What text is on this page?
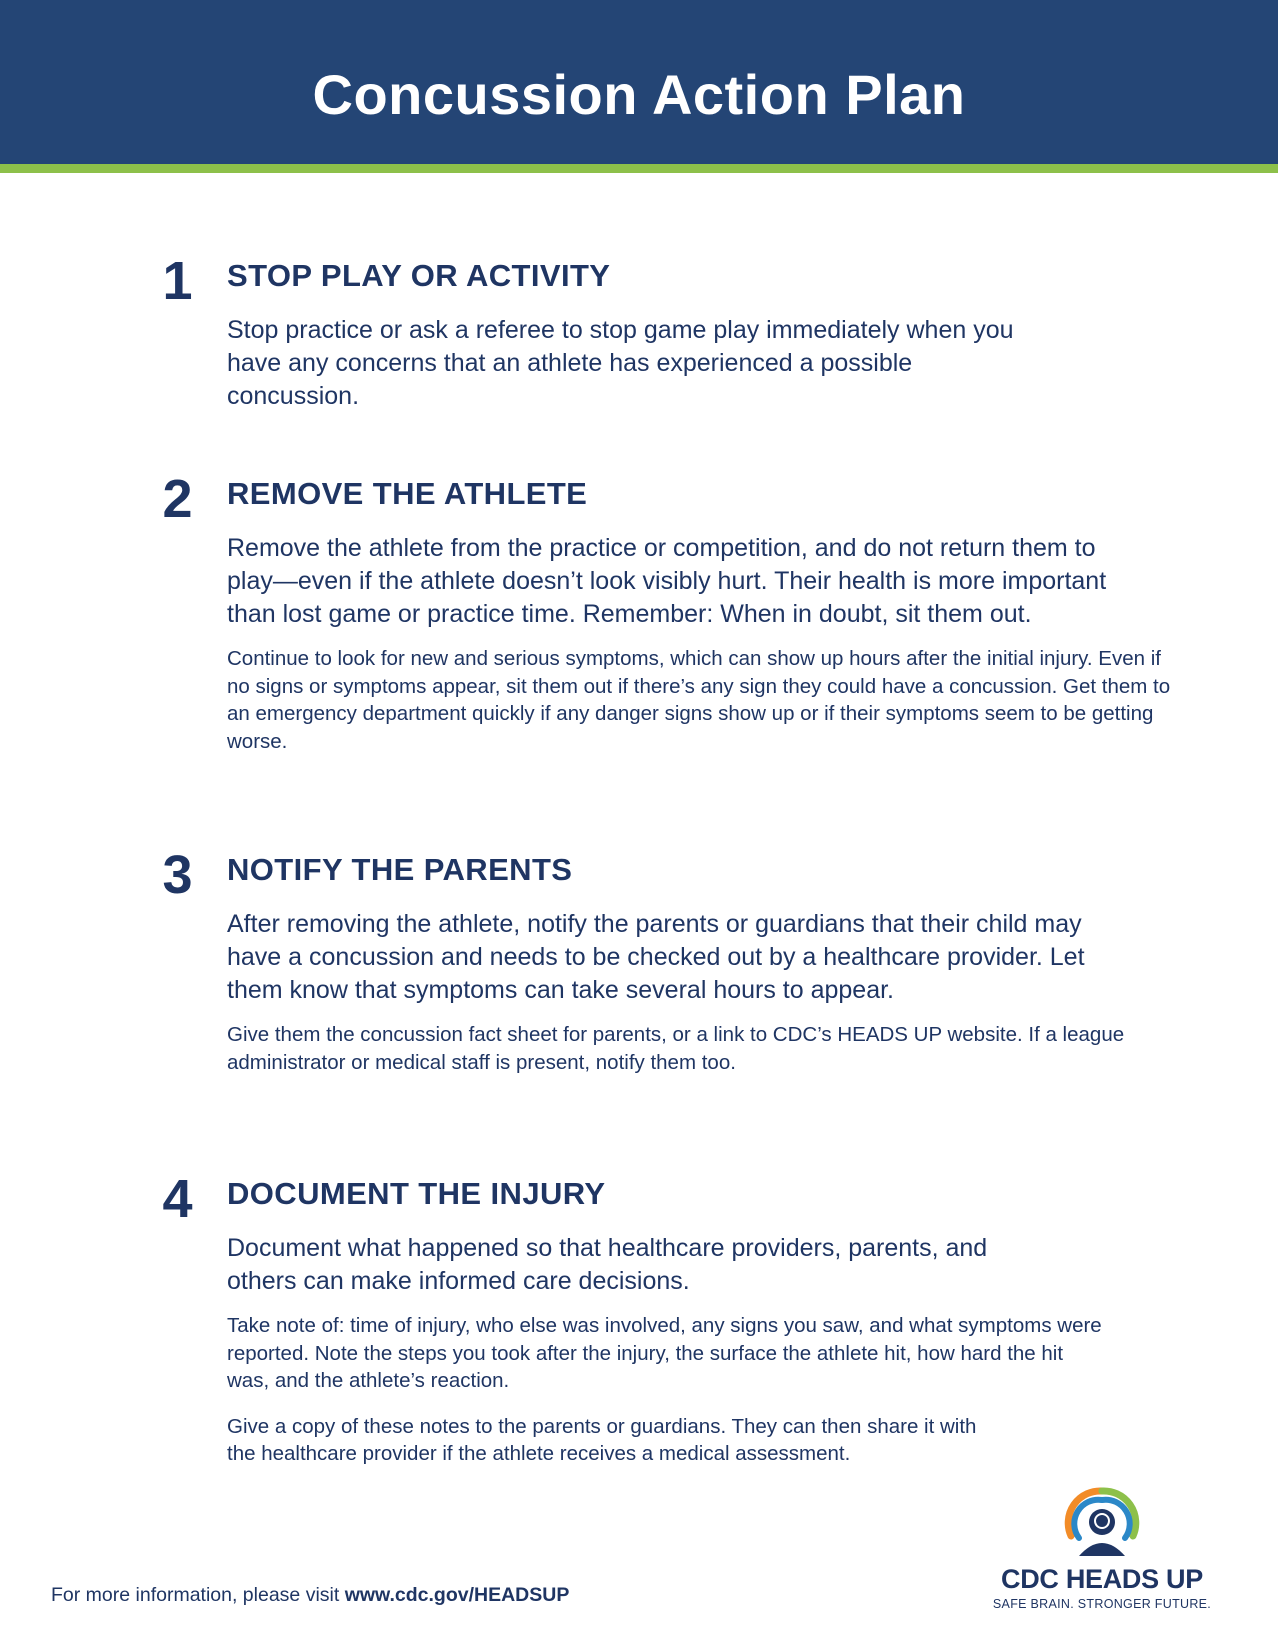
Concussion Action Plan
1	STOP PLAY OR ACTIVITY

Stop practice or ask a referee to stop game play immediately when you have any concerns that an athlete has experienced a possible concussion.

2	REMOVE THE ATHLETE

Remove the athlete from the practice or competition, and do not return them to play—even if the athlete doesn’t look visibly hurt. Their health is more important than lost game or practice time. Remember: When in doubt, sit them out.

Continue to look for new and serious symptoms, which can show up hours after the initial injury. Even if no signs or symptoms appear, sit them out if there’s any sign they could have a concussion. Get them to an emergency department quickly if any danger signs show up or if their symptoms seem to be getting worse.

3	NOTIFY THE PARENTS

After removing the athlete, notify the parents or guardians that their child may have a concussion and needs to be checked out by a healthcare provider. Let them know that symptoms can take several hours to appear.

Give them the concussion fact sheet for parents, or a link to CDC’s HEADS UP website. If a league administrator or medical staff is present, notify them too.

4	DOCUMENT THE INJURY

Document what happened so that healthcare providers, parents, and others can make informed care decisions.

Take note of: time of injury, who else was involved, any signs you saw, and what symptoms were reported. Note the steps you took after the injury, the surface the athlete hit, how hard the hit was, and the athlete’s reaction.

Give a copy of these notes to the parents or guardians. They can then share it with the healthcare provider if the athlete receives a medical assessment.

For more information, please visit www.cdc.gov/HEADSUP
CDC HEADS UP
SAFE BRAIN. STRONGER FUTURE.
